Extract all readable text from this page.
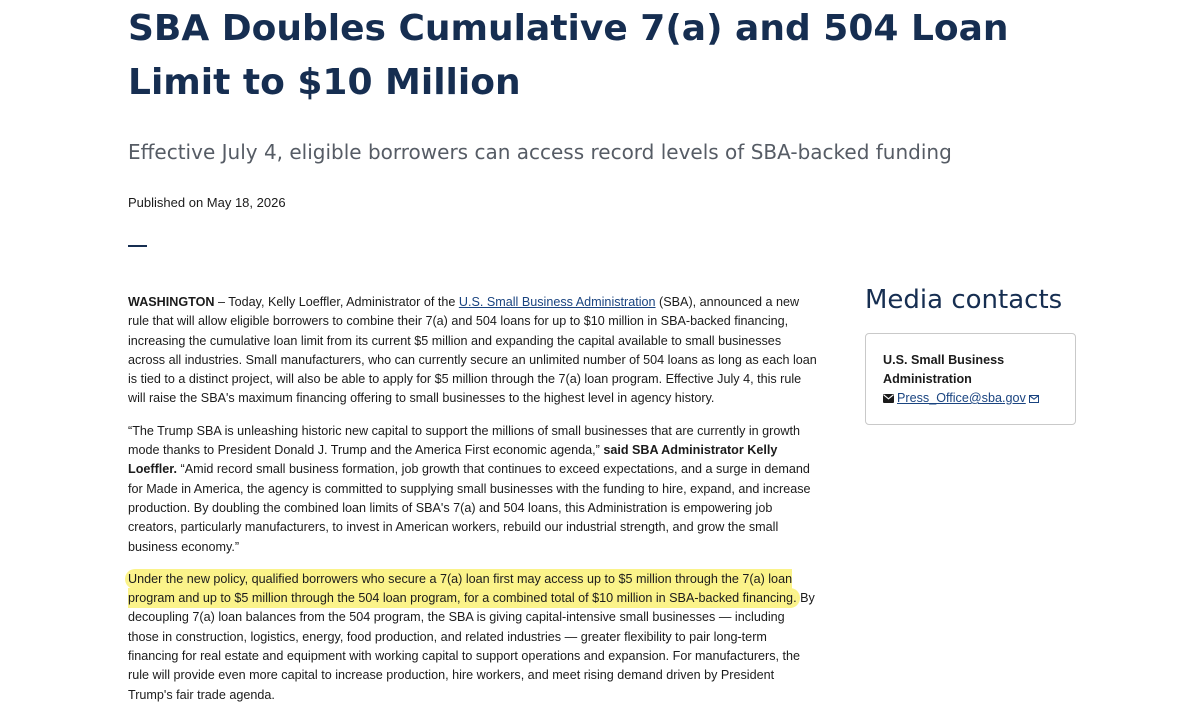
SBA Doubles Cumulative 7(a) and 504 Loan Limit to $10 Million
Effective July 4, eligible borrowers can access record levels of SBA-backed funding
Published on May 18, 2026

WASHINGTON – Today, Kelly Loeffler, Administrator of the U.S. Small Business Administration (SBA), announced a new rule that will allow eligible borrowers to combine their 7(a) and 504 loans for up to $10 million in SBA-backed financing, increasing the cumulative loan limit from its current $5 million and expanding the capital available to small businesses across all industries. Small manufacturers, who can currently secure an unlimited number of 504 loans as long as each loan is tied to a distinct project, will also be able to apply for $5 million through the 7(a) loan program. Effective July 4, this rule will raise the SBA's maximum financing offering to small businesses to the highest level in agency history.

“The Trump SBA is unleashing historic new capital to support the millions of small businesses that are currently in growth mode thanks to President Donald J. Trump and the America First economic agenda,” said SBA Administrator Kelly Loeffler. “Amid record small business formation, job growth that continues to exceed expectations, and a surge in demand for Made in America, the agency is committed to supplying small businesses with the funding to hire, expand, and increase production. By doubling the combined loan limits of SBA's 7(a) and 504 loans, this Administration is empowering job creators, particularly manufacturers, to invest in American workers, rebuild our industrial strength, and grow the small business economy.”

Under the new policy, qualified borrowers who secure a 7(a) loan first may access up to $5 million through the 7(a) loan program and up to $5 million through the 504 loan program, for a combined total of $10 million in SBA-backed financing. By decoupling 7(a) loan balances from the 504 program, the SBA is giving capital-intensive small businesses — including those in construction, logistics, energy, food production, and related industries — greater flexibility to pair long-term financing for real estate and equipment with working capital to support operations and expansion. For manufacturers, the rule will provide even more capital to increase production, hire workers, and meet rising demand driven by President Trump's fair trade agenda.

Media contacts
U.S. Small Business Administration
Press_Office@sba.gov
